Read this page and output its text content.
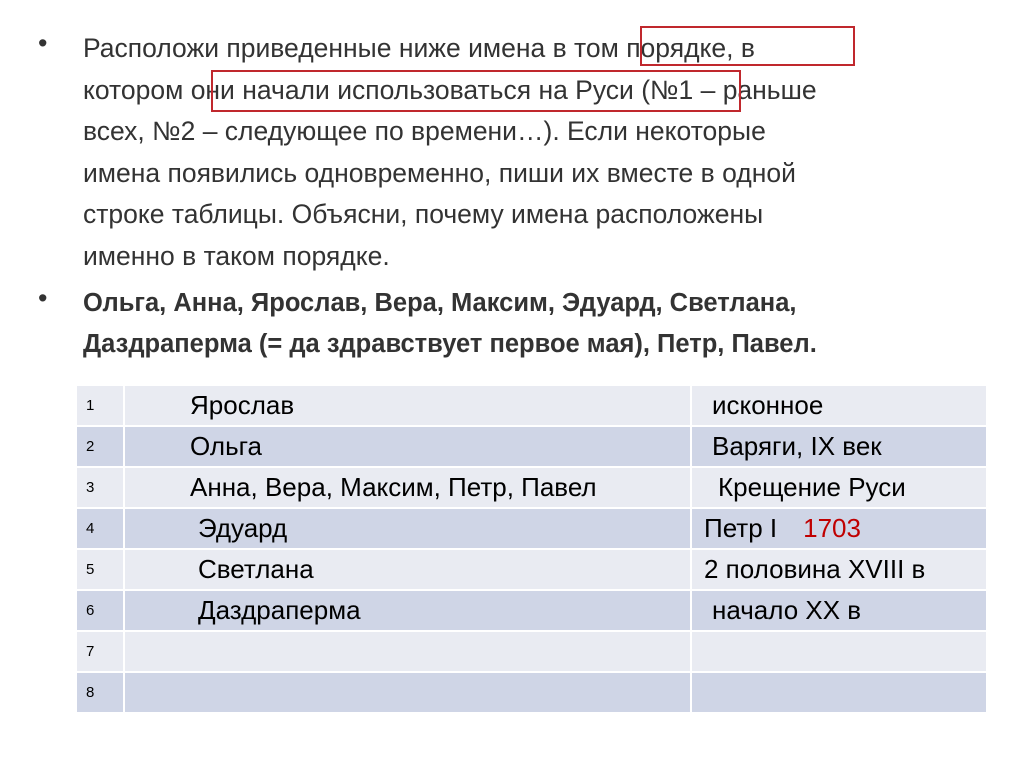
• Расположи приведенные ниже имена в том порядке, в
котором они начали использоваться на Руси (№1 – раньше
всех, №2 – следующее по времени…). Если некоторые
имена появились одновременно, пиши их вместе в одной
строке таблицы. Объясни, почему имена расположены
именно в таком порядке.
• Ольга, Анна, Ярослав, Вера, Максим, Эдуард, Светлана,
Даздраперма (= да здравствует первое мая), Петр, Павел.
1	Ярослав	исконное
2	Ольга	Варяги, IX век
3	Анна, Вера, Максим, Петр, Павел	Крещение Руси
4	Эдуард	Петр I 1703
5	Светлана	2 половина XVIII в
6	Даздраперма	начало XX в
7		
8		
